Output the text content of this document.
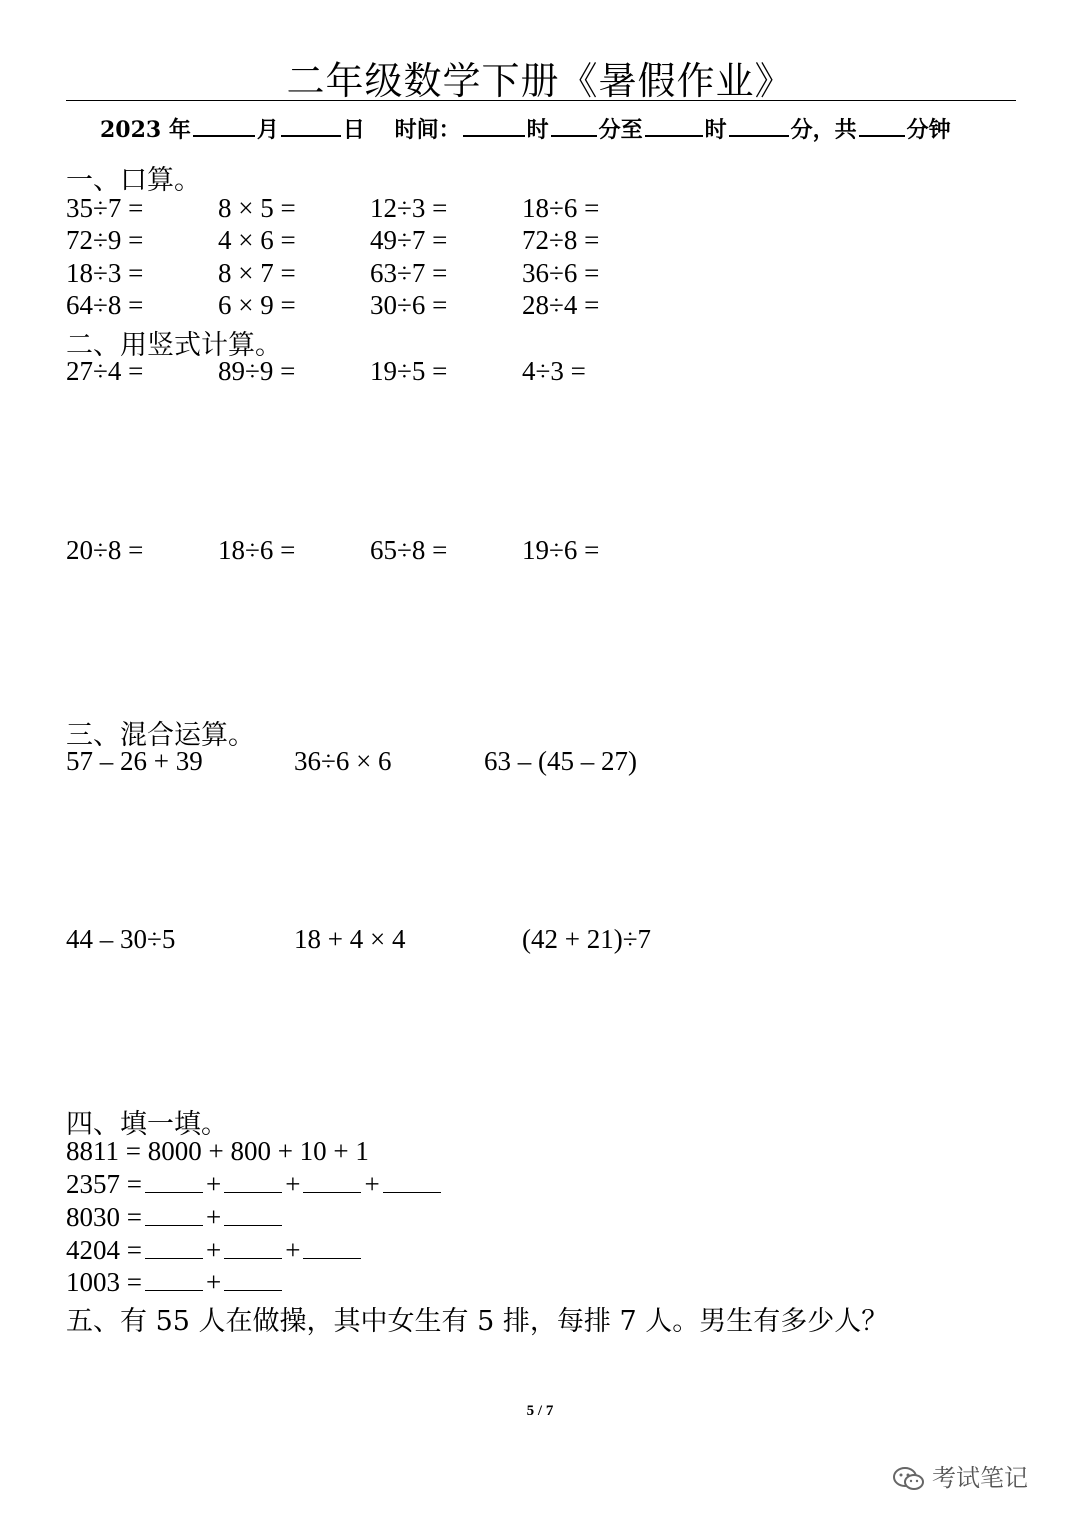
二年级数学下册《暑假作业》
2023 年	月	日 时间：	时 分至	时	分，共 分钟
一、口算。
35÷7 =	8 × 5 =	12÷3 =	18÷6 =
72÷9 =	4 × 6 =	49÷7 =	72÷8 =
18÷3 =	8 × 7 =	63÷7 =	36÷6 =
64÷8 =	6 × 9 =	30÷6 =	28÷4 =
二、用竖式计算。
27÷4 =	89÷9 =	19÷5 =	4÷3 =
20÷8 =	18÷6 =	65÷8 =	19÷6 =
三、混合运算。
57 – 26 + 39	36÷6 × 6	63 – (45 – 27)
44 – 30÷5	18 + 4 × 4	(42 + 21)÷7
四、填一填。
8811 = 8000 + 800 + 10 + 1
2357 = + + +
8030 = +
4204 = + +
1003 = +
五、有 55 人在做操，其中女生有 5 排，每排 7 人。男生有多少人？
5 / 7
考试笔记
